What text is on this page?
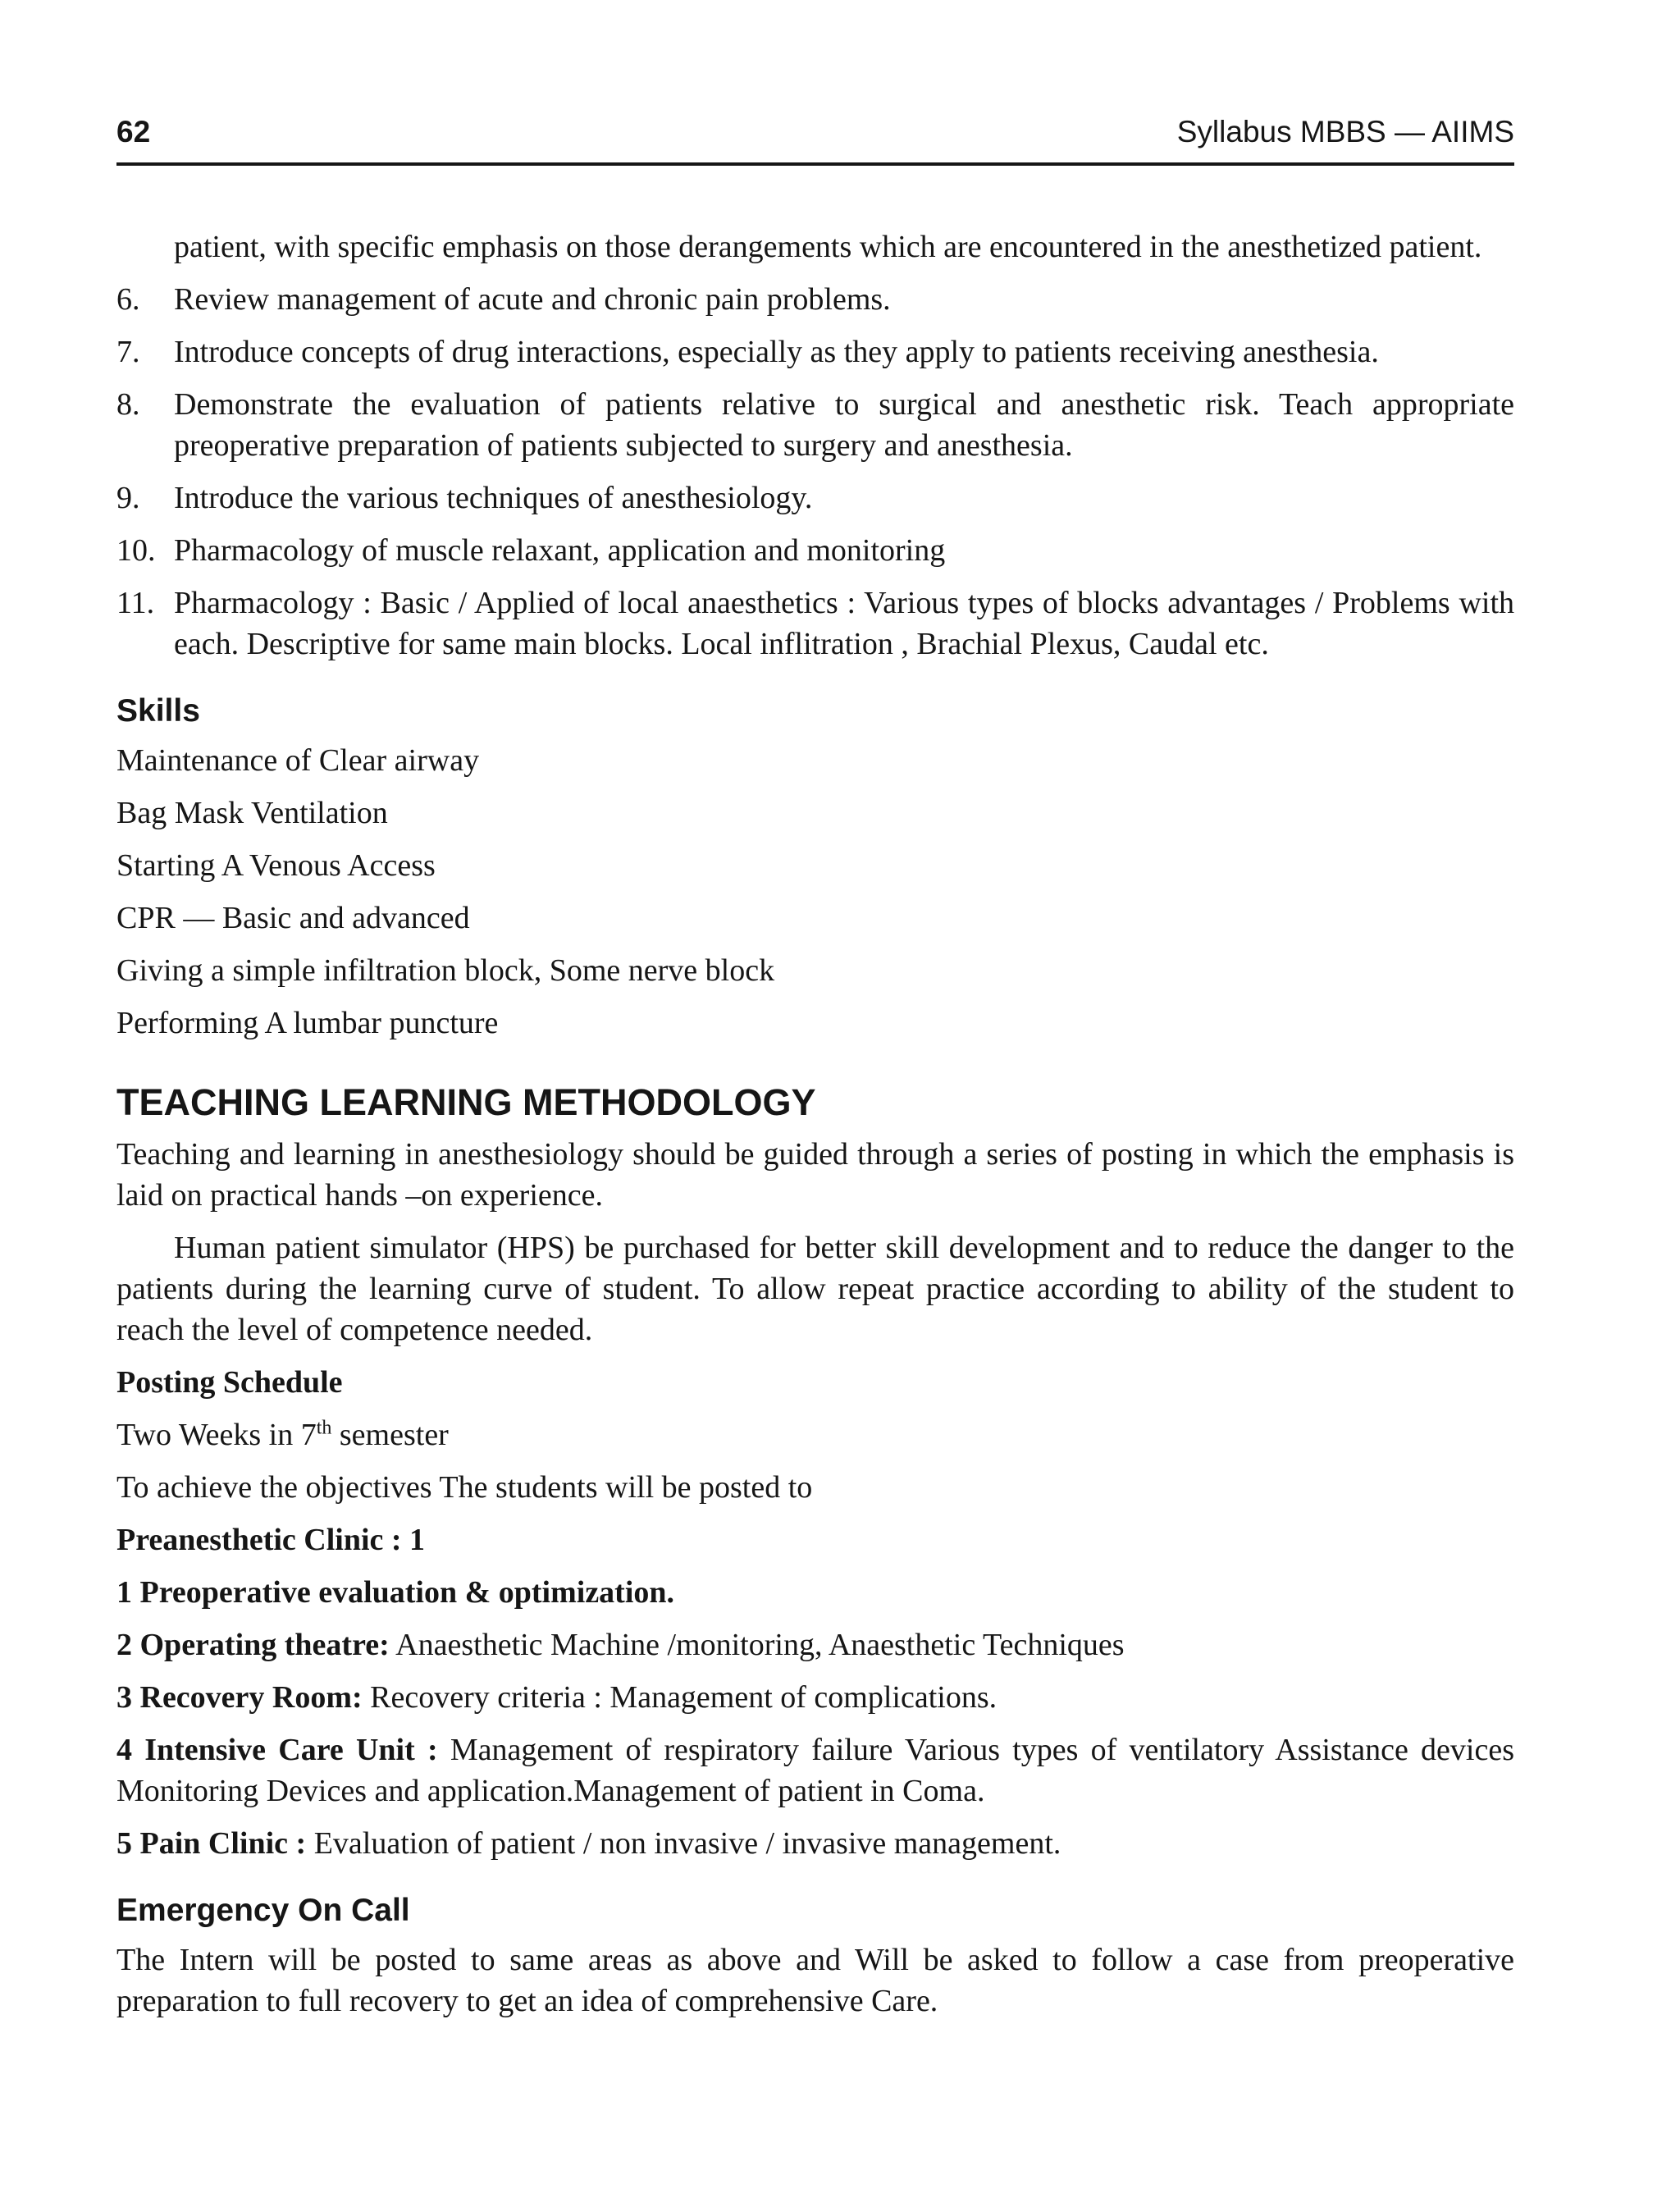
62	Syllabus MBBS — AIIMS
patient, with specific emphasis on those derangements which are encountered in the anesthetized patient.
6.	Review management of acute and chronic pain problems.
7.	Introduce concepts of drug interactions, especially as they apply to patients receiving anesthesia.
8.	Demonstrate the evaluation of patients relative to surgical and anesthetic risk. Teach appropriate preoperative preparation of patients subjected to surgery and anesthesia.
9.	Introduce the various techniques of anesthesiology.
10. Pharmacology of muscle relaxant, application and monitoring
11. Pharmacology : Basic / Applied of local anaesthetics : Various types of blocks advantages / Problems with each. Descriptive for same main blocks. Local inflitration , Brachial Plexus, Caudal etc.
Skills
Maintenance of Clear airway
Bag Mask Ventilation
Starting A Venous Access
CPR — Basic and advanced
Giving a simple infiltration block, Some nerve block
Performing A lumbar puncture
TEACHING LEARNING METHODOLOGY
Teaching and learning in anesthesiology should be guided through a series of posting in which the emphasis is laid on practical hands –on experience.
Human patient simulator (HPS) be purchased for better skill development and to reduce the danger to the patients during the learning curve of student. To allow repeat practice according to ability of the student to reach the level of competence needed.
Posting Schedule
Two Weeks in 7th semester
To achieve the objectives The students will be posted to
Preanesthetic Clinic : 1
1 Preoperative evaluation & optimization.
2 Operating theatre: Anaesthetic Machine /monitoring, Anaesthetic Techniques
3 Recovery Room: Recovery criteria : Management of complications.
4 Intensive Care Unit : Management of respiratory failure Various types of ventilatory Assistance devices Monitoring Devices and application.Management of patient in Coma.
5 Pain Clinic : Evaluation of patient / non invasive / invasive management.
Emergency On Call
The Intern will be posted to same areas as above and Will be asked to follow a case from preoperative preparation to full recovery to get an idea of comprehensive Care.
